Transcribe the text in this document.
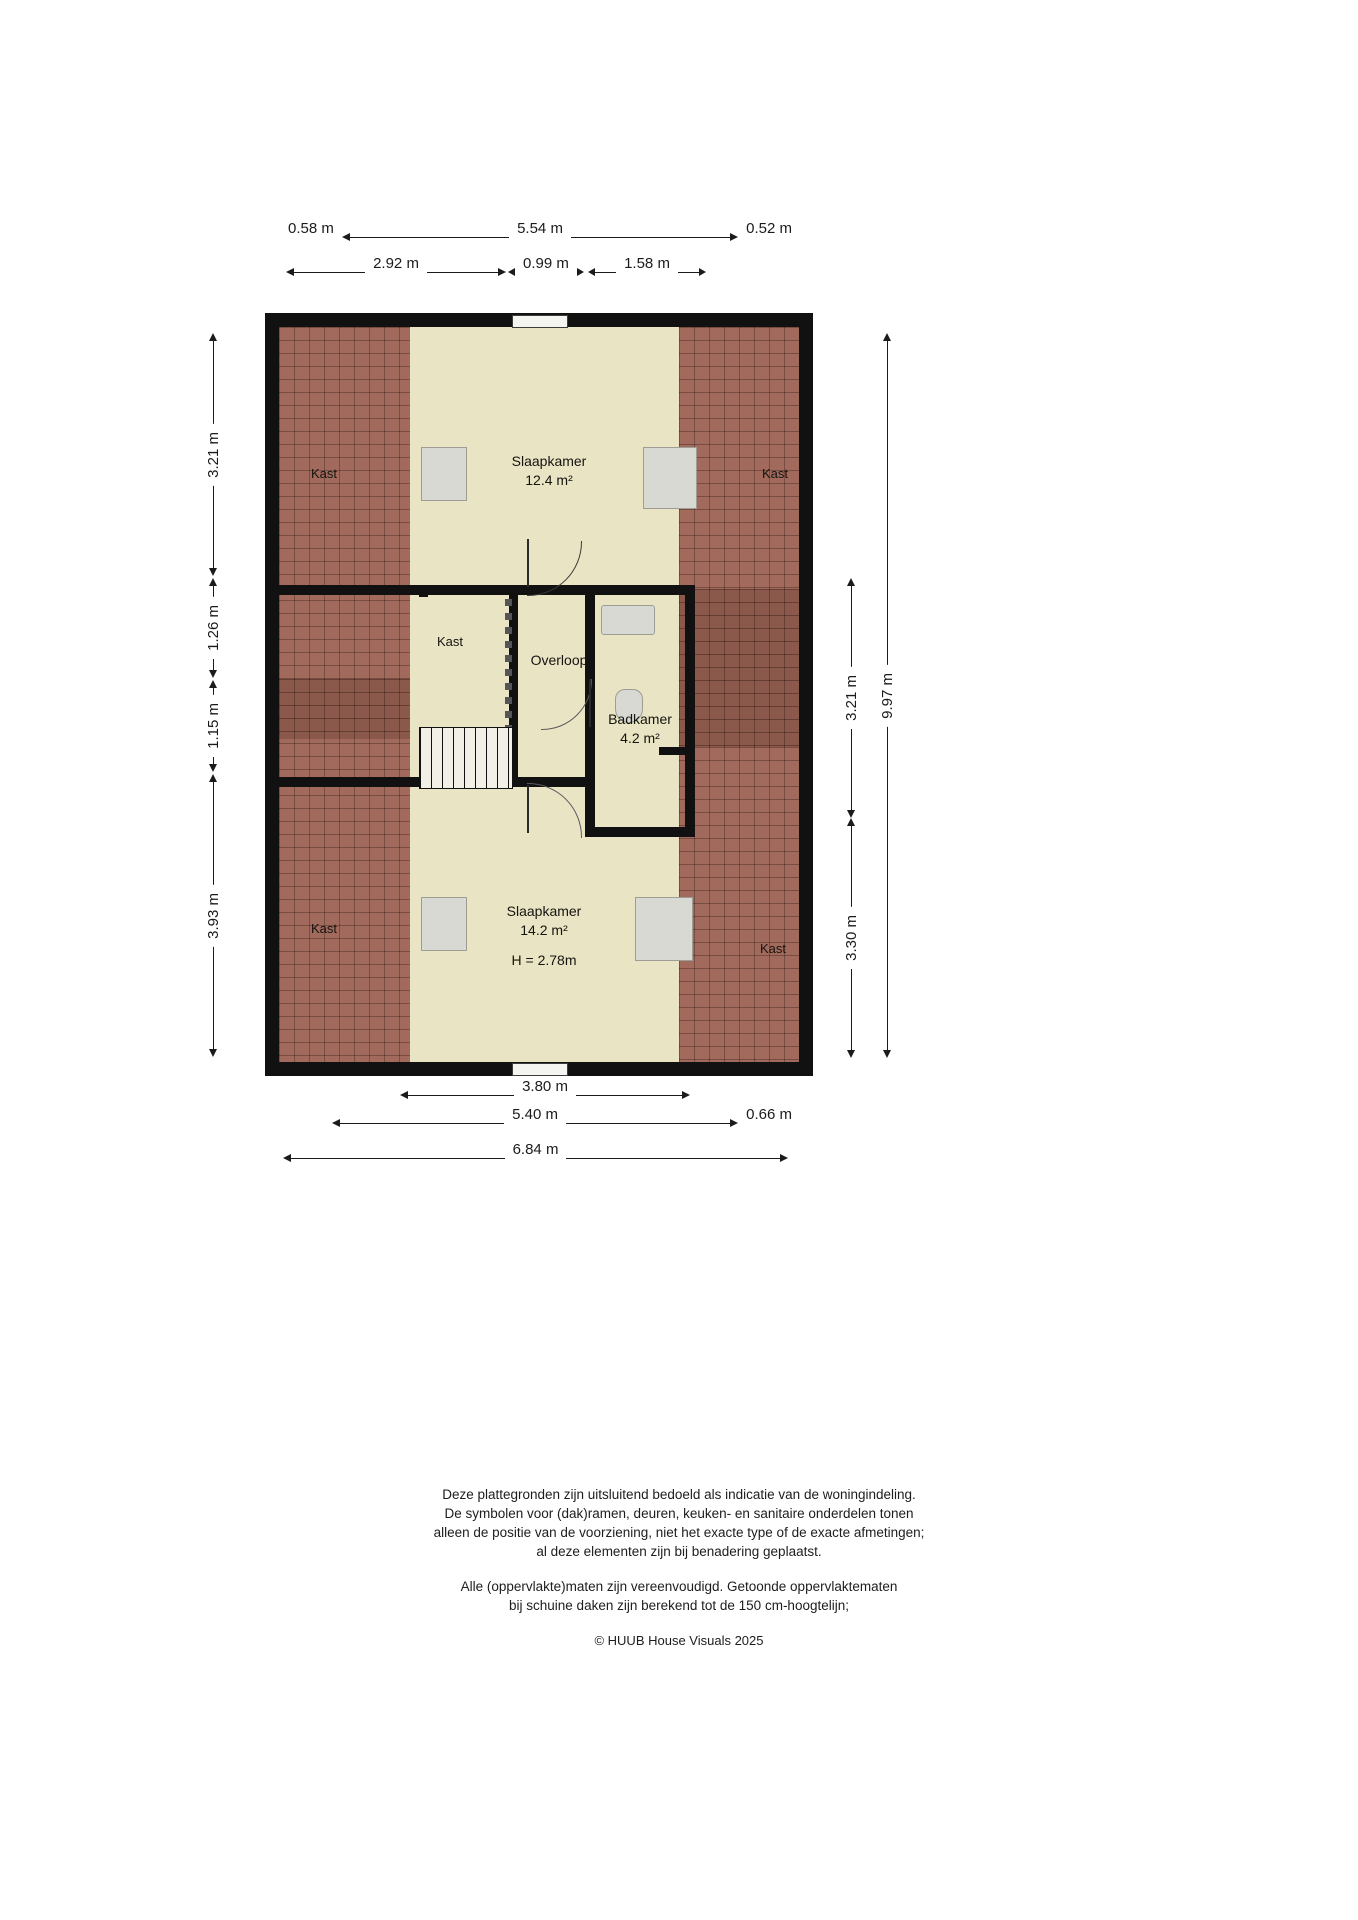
0.58 m	5.54 m	0.52 m
2.92 m	0.99 m	1.58 m
3.21 m
1.26 m
1.15 m
3.93 m
3.21 m
3.30 m
9.97 m
Slaapkamer
12.4 m²
Slaapkamer
14.2 m²
H = 2.78m
Badkamer
4.2 m²
Overloop
Kast
Kast	Kast
Kast
Kast
3.80 m
5.40 m	0.66 m
6.84 m
Deze plattegronden zijn uitsluitend bedoeld als indicatie van de woningindeling.
De symbolen voor (dak)ramen, deuren, keuken- en sanitaire onderdelen tonen
alleen de positie van de voorziening, niet het exacte type of de exacte afmetingen;
al deze elementen zijn bij benadering geplaatst.
Alle (oppervlakte)maten zijn vereenvoudigd. Getoonde oppervlaktematen
bij schuine daken zijn berekend tot de 150 cm-hoogtelijn;
© HUUB House Visuals 2025
